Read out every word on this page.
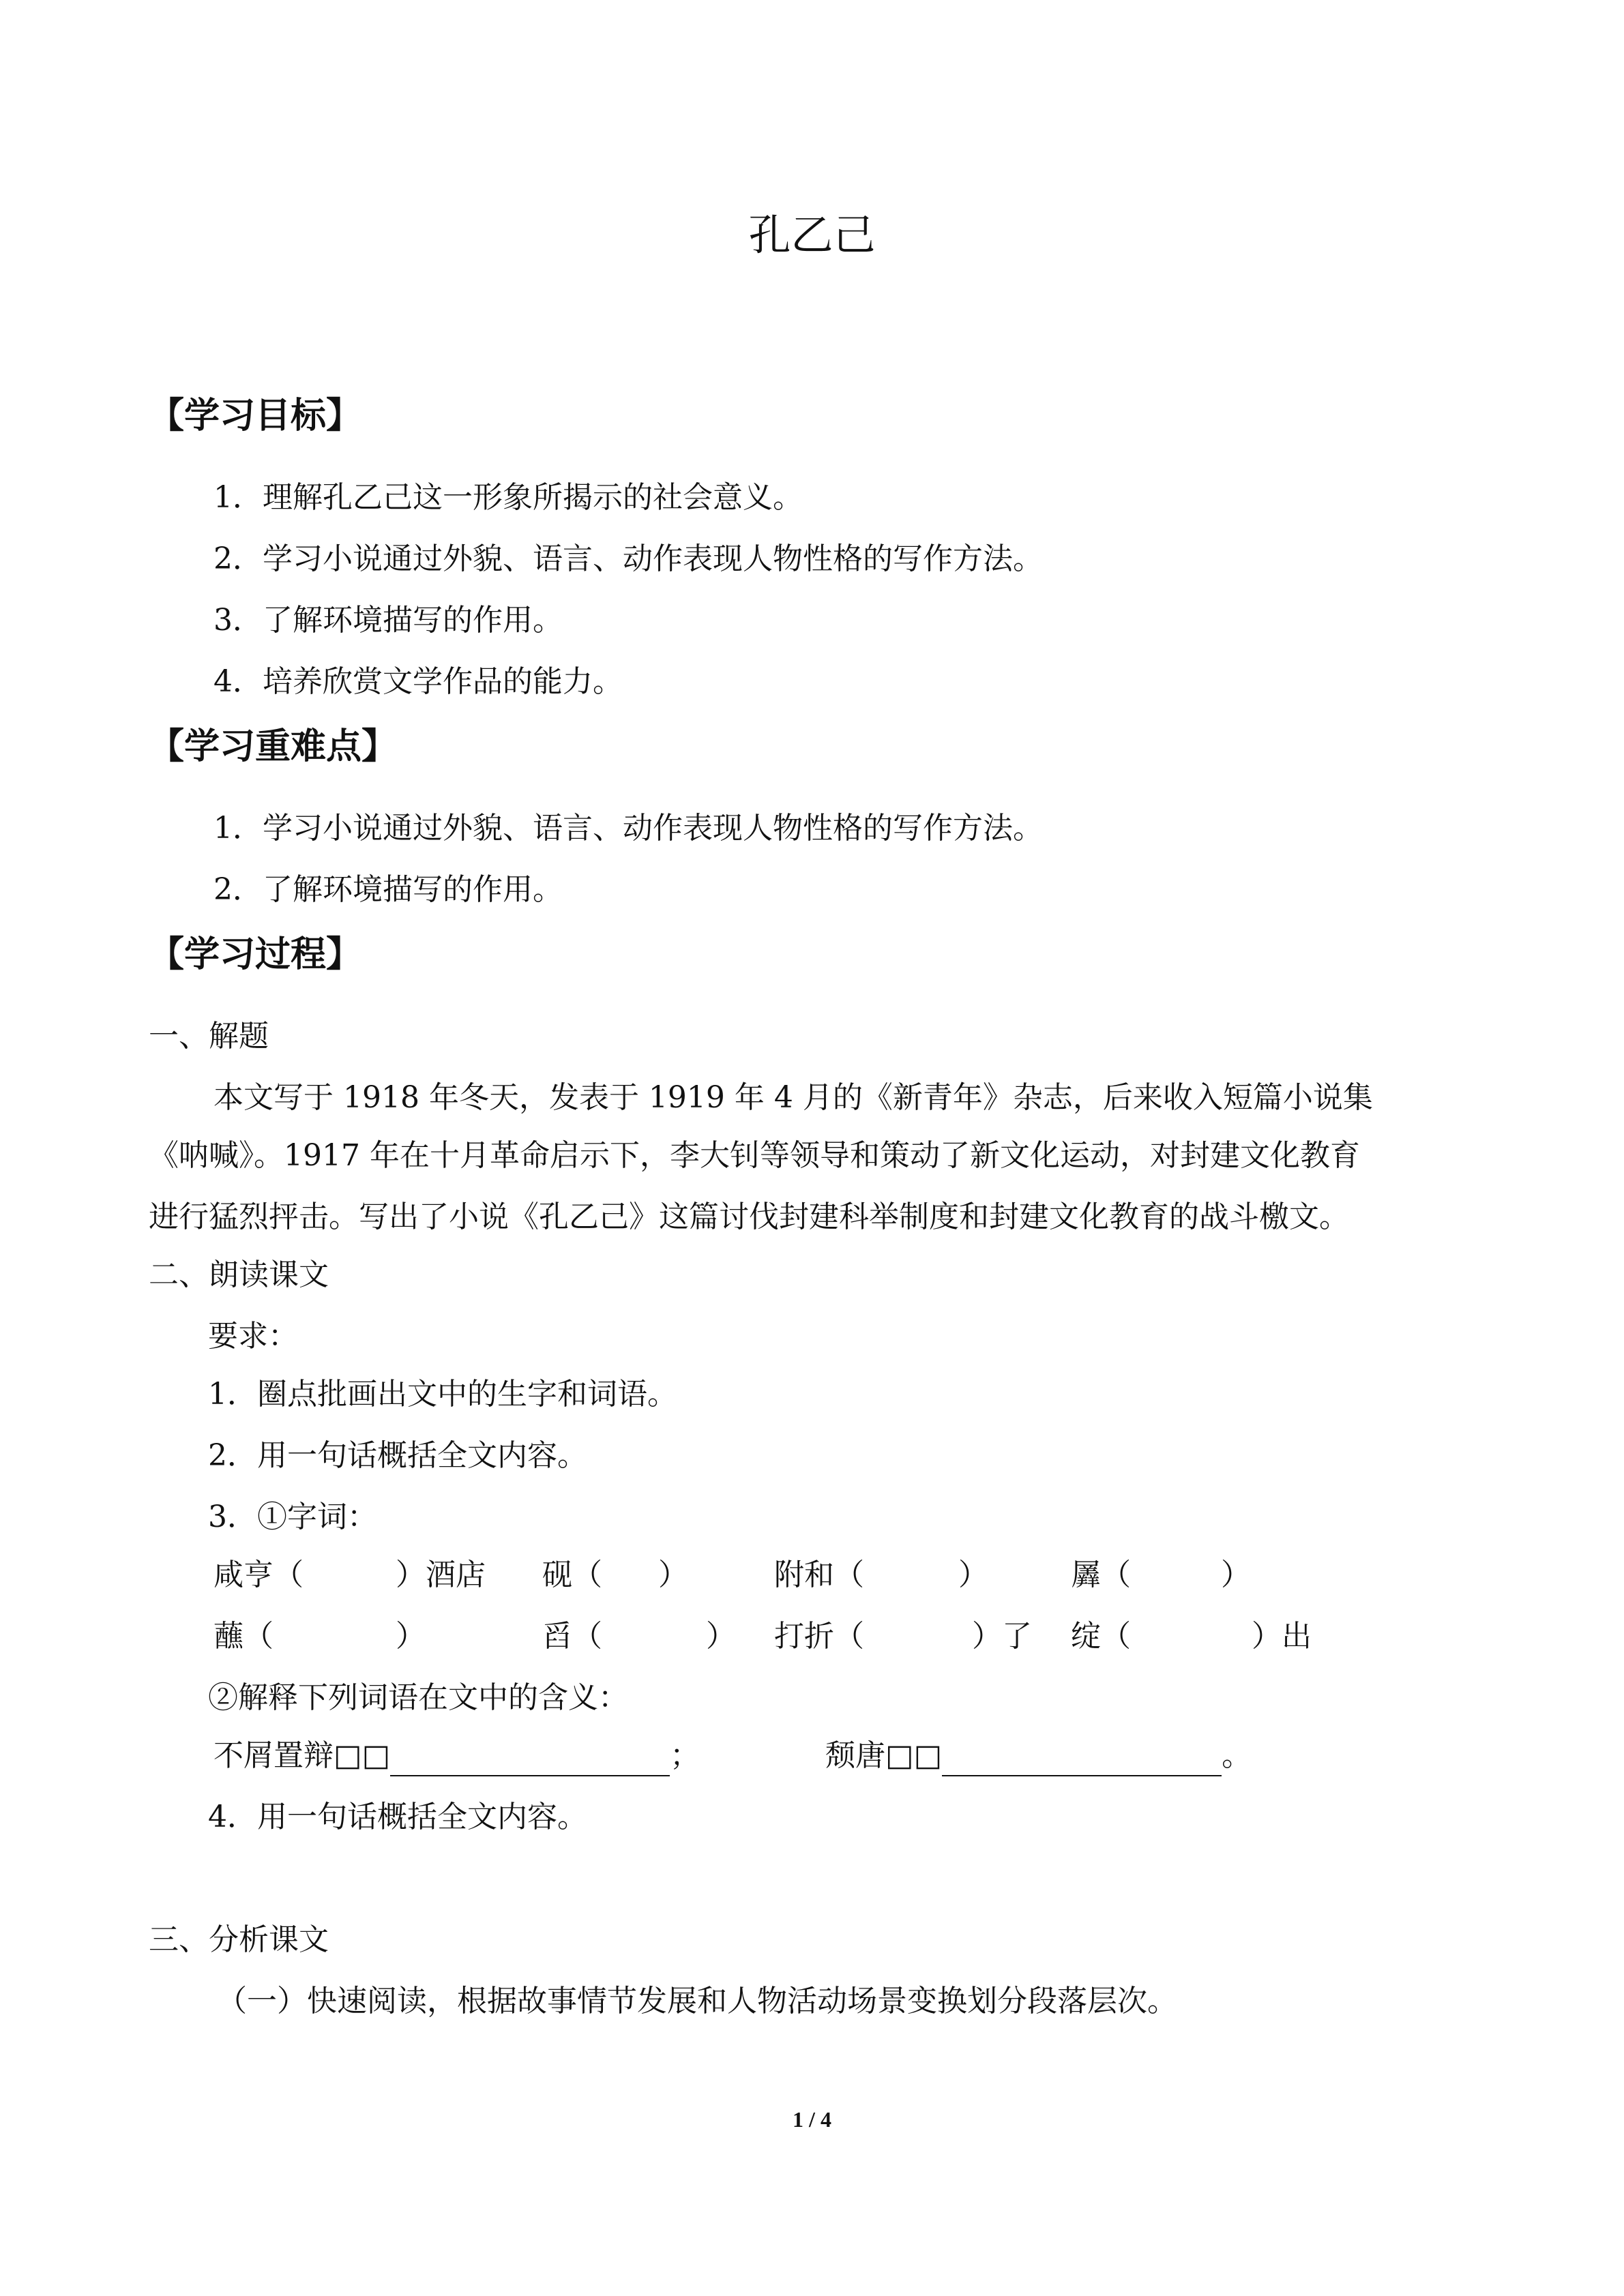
孔乙己
【学习目标】
1．理解孔乙己这一形象所揭示的社会意义。
2．学习小说通过外貌、语言、动作表现人物性格的写作方法。
3．了解环境描写的作用。
4．培养欣赏文学作品的能力。
【学习重难点】
1．学习小说通过外貌、语言、动作表现人物性格的写作方法。
2．了解环境描写的作用。
【学习过程】
一、解题
本文写于 1918 年冬天，发表于 1919 年 4 月的《新青年》杂志，后来收入短篇小说集
《呐喊》。1917 年在十月革命启示下，李大钊等领导和策动了新文化运动，对封建文化教育
进行猛烈抨击。写出了小说《孔乙己》这篇讨伐封建科举制度和封建文化教育的战斗檄文。
二、朗读课文
要求：
1．圈点批画出文中的生字和词语。
2．用一句话概括全文内容。
3．①字词：
咸亨（	）酒店 砚（ ）	附和（	）	羼（	）
蘸（	）	舀（	） 打折（	）了 绽（	）出
②解释下列词语在文中的含义：
不屑置辩□□	；	颓唐□□	。
4．用一句话概括全文内容。
三、分析课文
（一）快速阅读，根据故事情节发展和人物活动场景变换划分段落层次。
1 / 4
